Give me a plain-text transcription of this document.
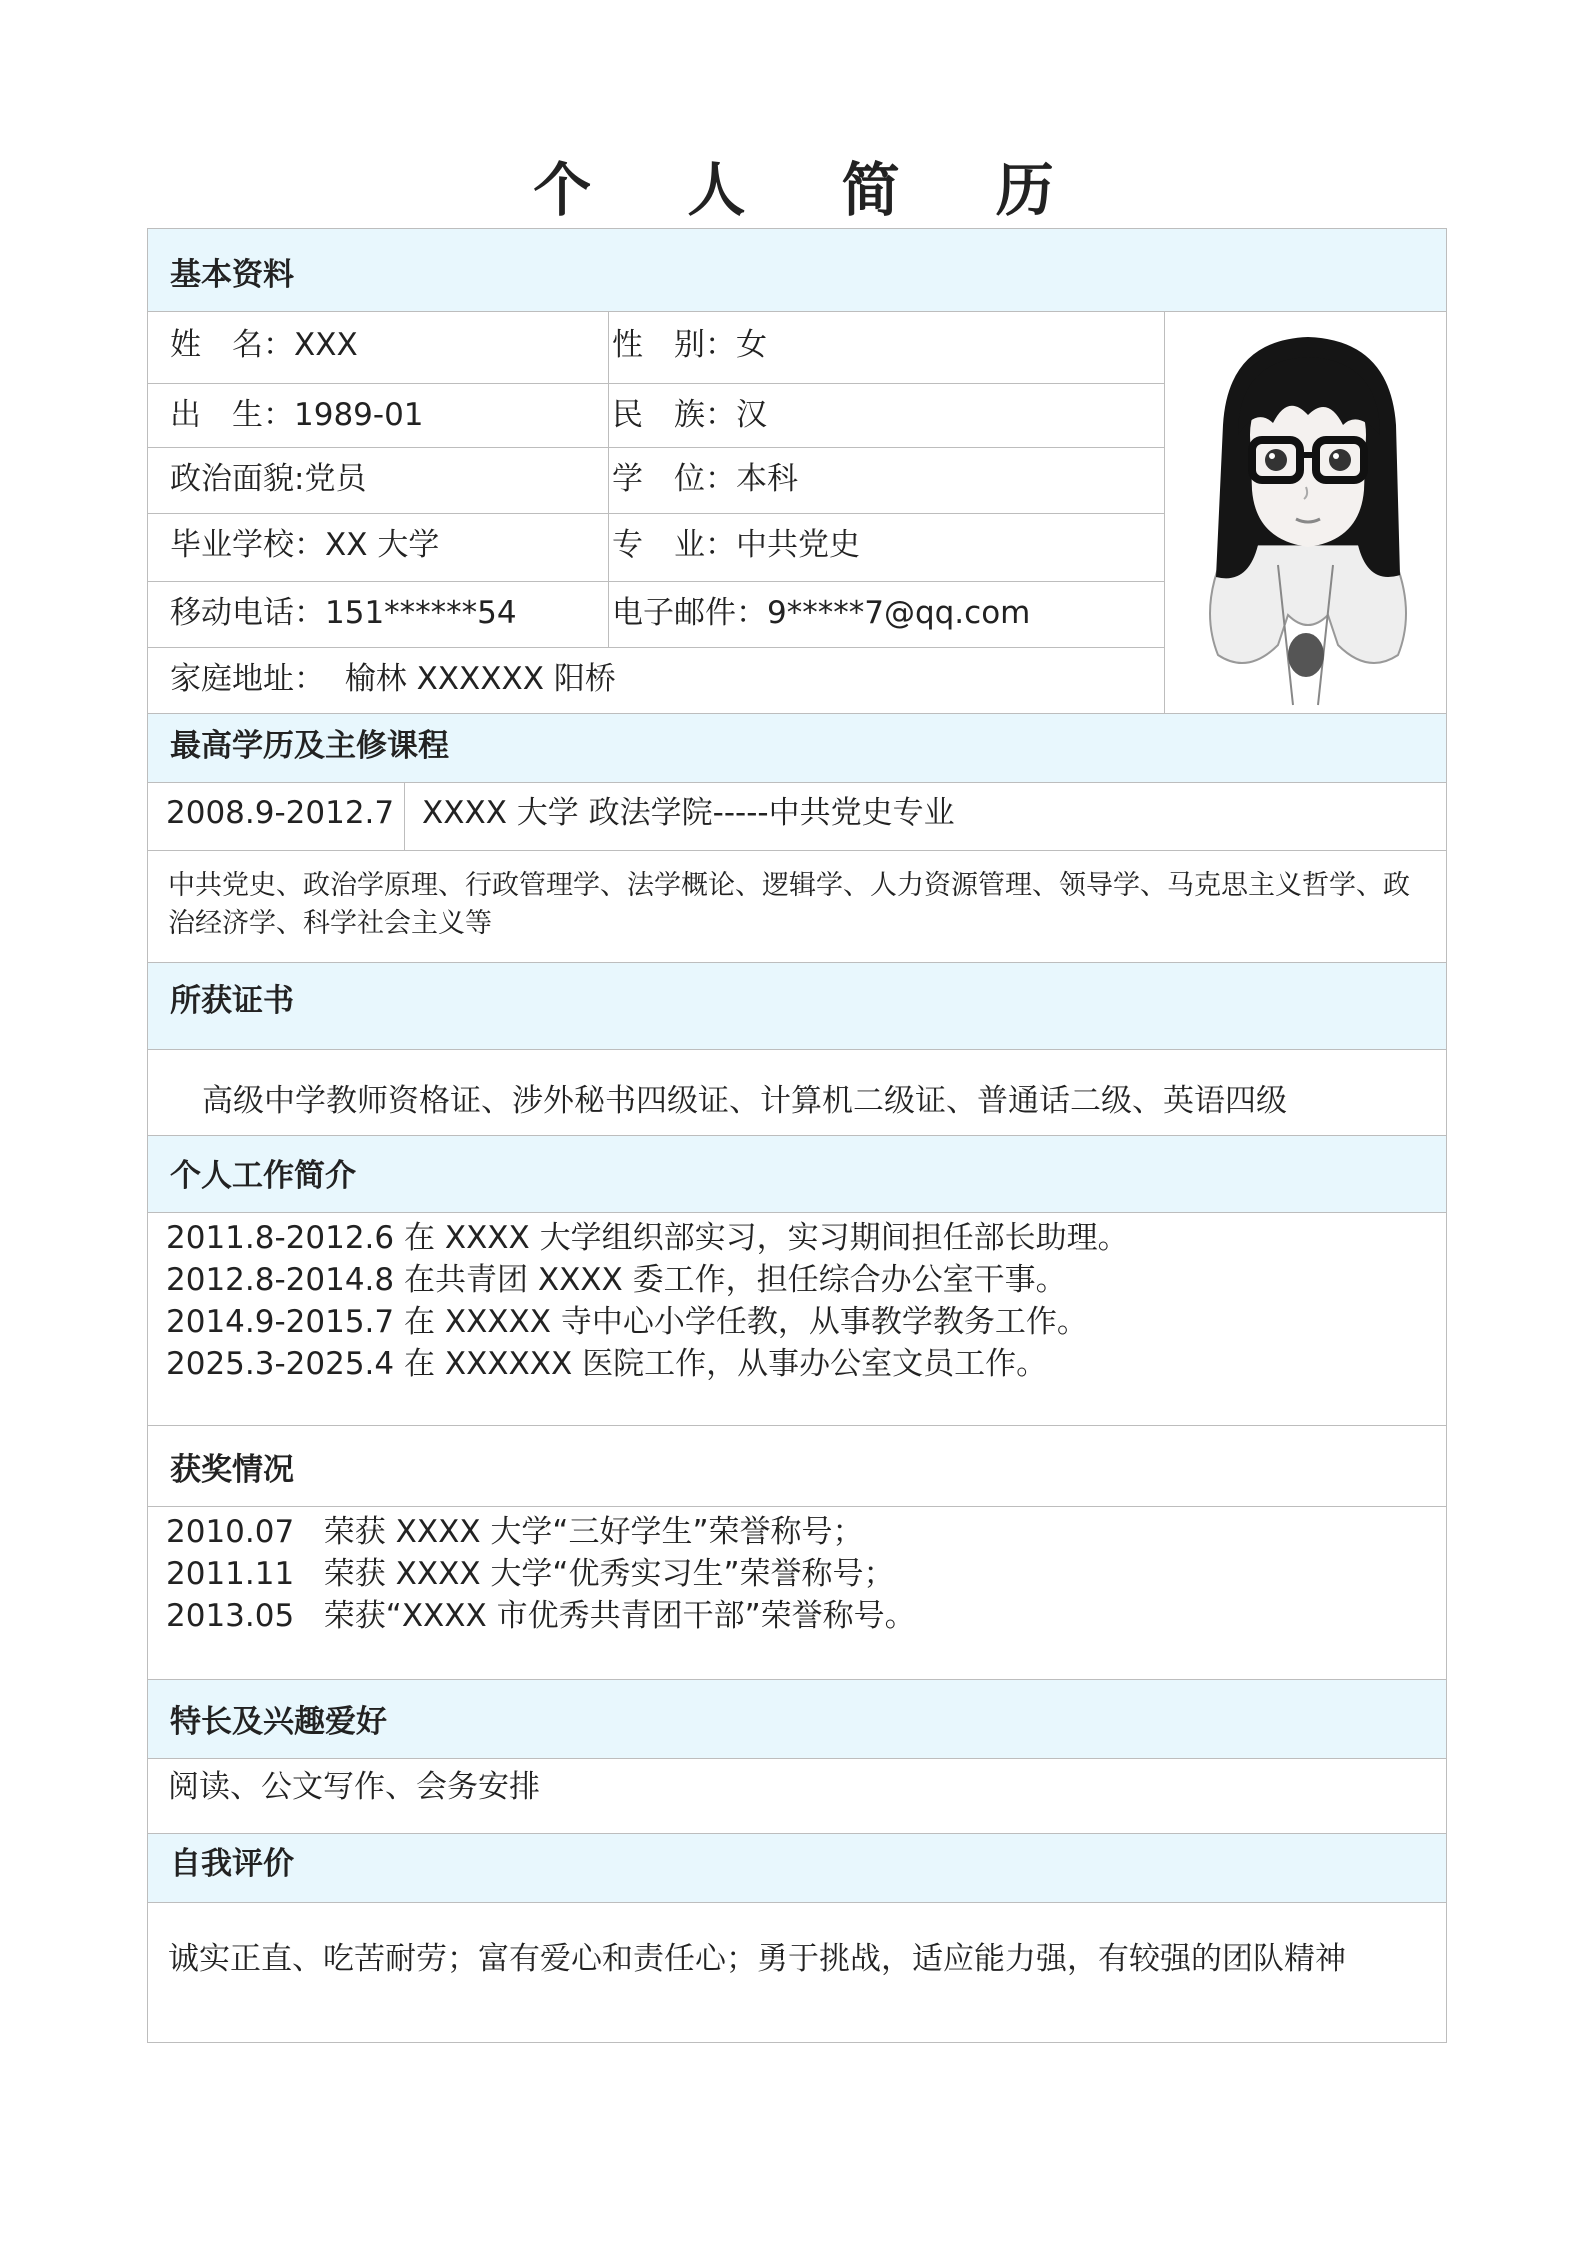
个 人 简 历
基本资料
姓　名：XXX	性　别：女
出　生：1989-01	民　族：汉
政治面貌:党员	学　位：本科
毕业学校：XX 大学	专　业：中共党史
移动电话：151******54	电子邮件：9*****7@qq.com
家庭地址： 榆林 XXXXXX 阳桥
最高学历及主修课程
2008.9-2012.7 XXXX 大学 政法学院-----中共党史专业
中共党史、政治学原理、行政管理学、法学概论、逻辑学、人力资源管理、领导学、马克思主义哲学、政治经济学、科学社会主义等
所获证书
高级中学教师资格证、涉外秘书四级证、计算机二级证、普通话二级、英语四级
个人工作简介
2011.8-2012.6 在 XXXX 大学组织部实习，实习期间担任部长助理。
2012.8-2014.8 在共青团 XXXX 委工作，担任综合办公室干事。
2014.9-2015.7 在 XXXXX 寺中心小学任教，从事教学教务工作。
2025.3-2025.4 在 XXXXXX 医院工作，从事办公室文员工作。
获奖情况
2010.07   荣获 XXXX 大学“三好学生”荣誉称号；
2011.11   荣获 XXXX 大学“优秀实习生”荣誉称号；
2013.05   荣获“XXXX 市优秀共青团干部”荣誉称号。
特长及兴趣爱好
阅读、公文写作、会务安排
自我评价
诚实正直、吃苦耐劳；富有爱心和责任心；勇于挑战，适应能力强，有较强的团队精神
